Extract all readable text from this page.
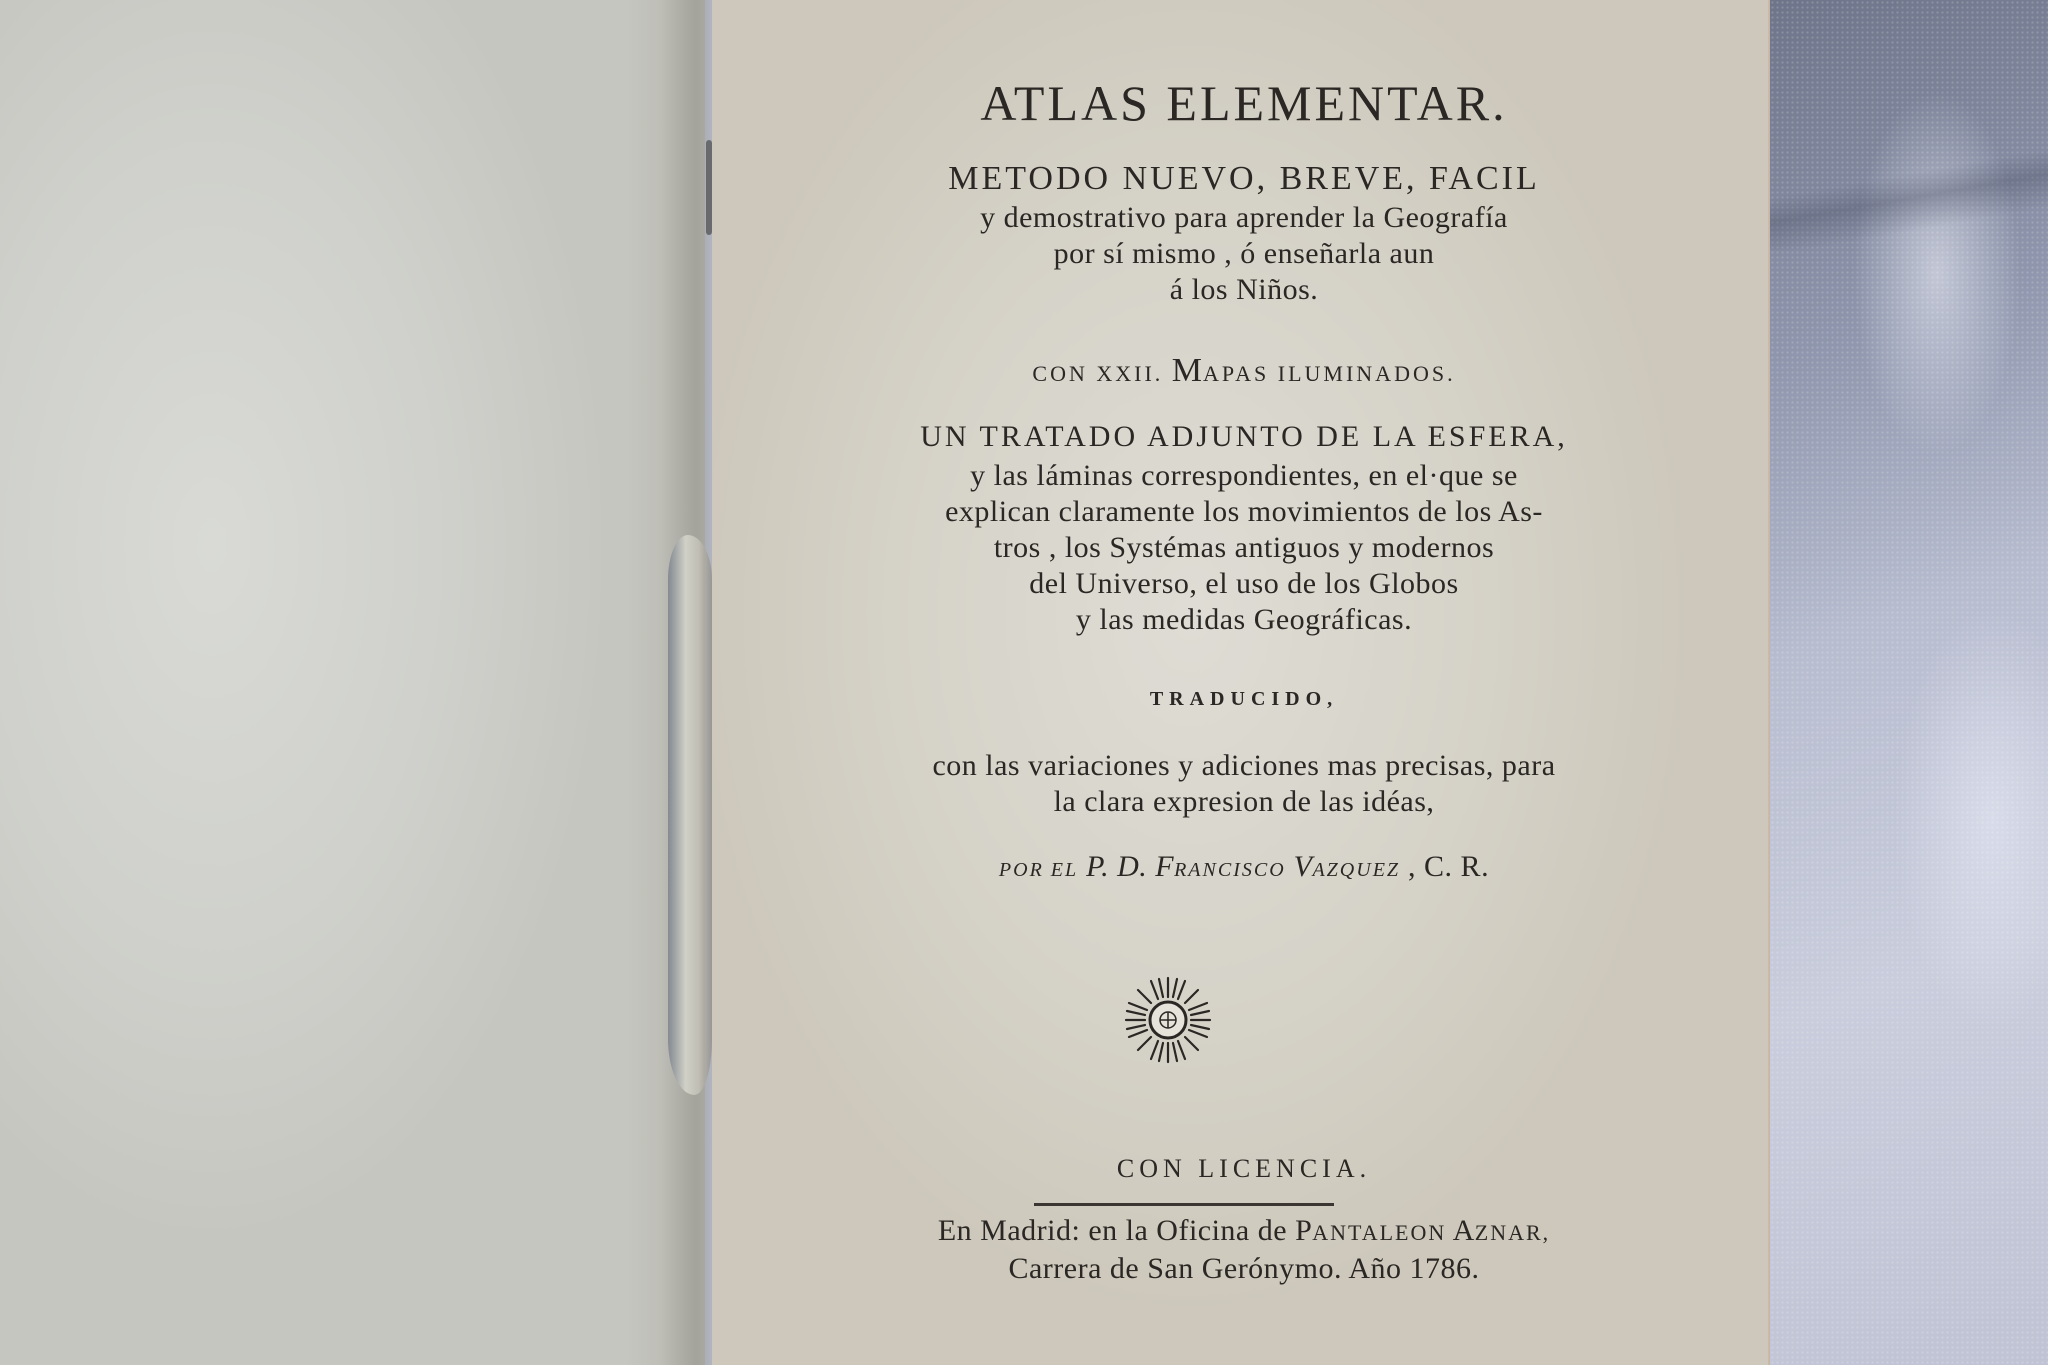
ATLAS ELEMENTAR.
METODO NUEVO, BREVE, FACIL
y demostrativo para aprender la Geografía
por sí mismo , ó enseñarla aun
á los Niños.
CON XXII. MAPAS ILUMINADOS.
UN TRATADO ADJUNTO DE LA ESFERA,
y las láminas correspondientes, en el·que se
explican claramente los movimientos de los As-
tros , los Systémas antiguos y modernos
del Universo, el uso de los Globos
y las medidas Geográficas.
TRADUCIDO,
con las variaciones y adiciones mas precisas, para
la clara expresion de las idéas,
POR EL P. D. FRANCISCO VAZQUEZ , C. R.
CON LICENCIA.
En Madrid: en la Oficina de PANTALEON AZNAR,
Carrera de San Gerónymo. Año 1786.
